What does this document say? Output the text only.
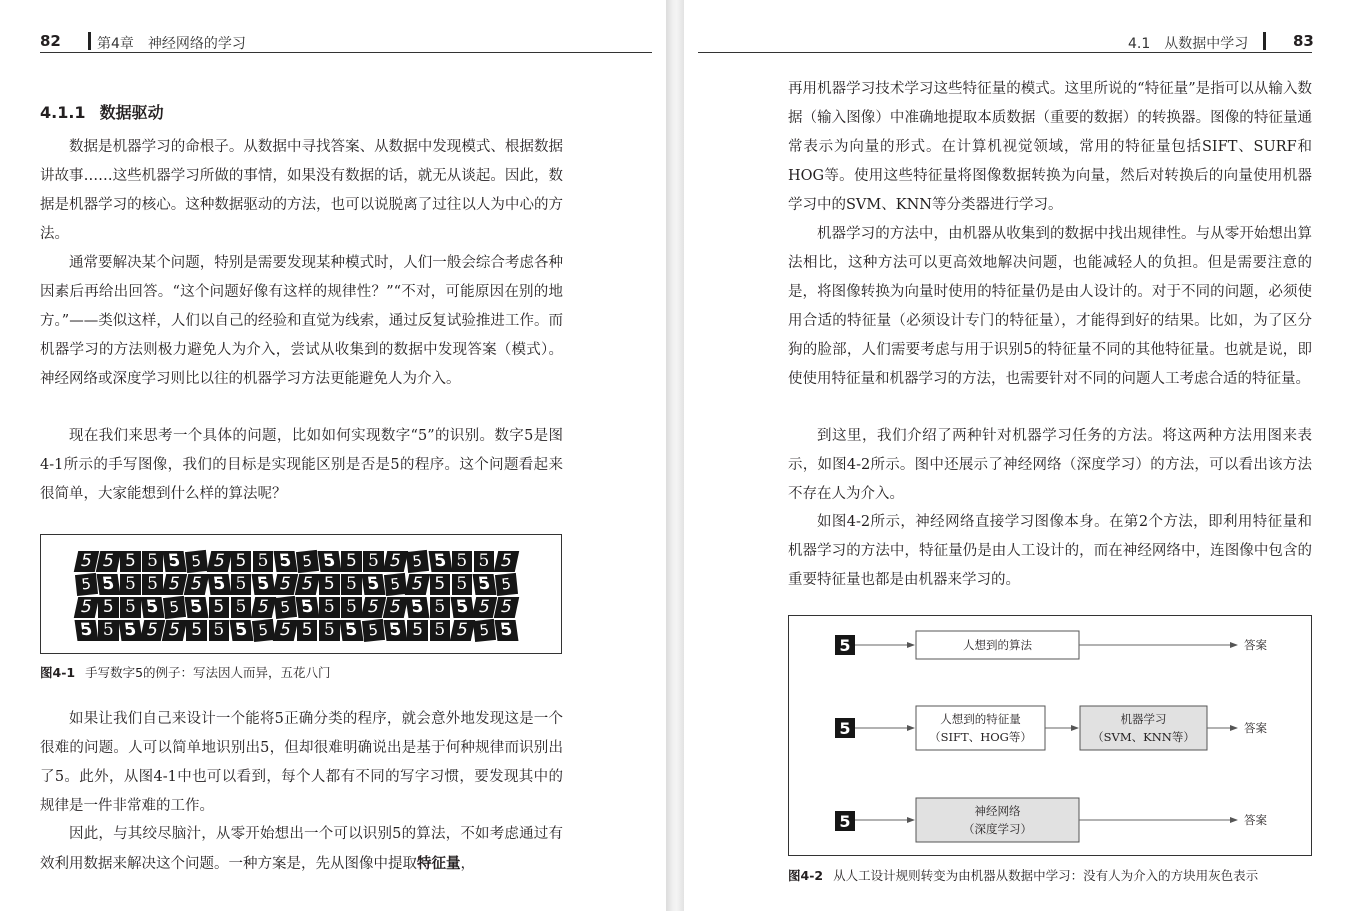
82	第4章　神经网络的学习
4.1.1 数据驱动

数据是机器学习的命根子。从数据中寻找答案、从数据中发现模式、根据数据讲故事……这些机器学习所做的事情，如果没有数据的话，就无从谈起。因此，数据是机器学习的核心。这种数据驱动的方法，也可以说脱离了过往以人为中心的方法。

通常要解决某个问题，特别是需要发现某种模式时，人们一般会综合考虑各种因素后再给出回答。“这个问题好像有这样的规律性？”“不对，可能原因在别的地方。”——类似这样，人们以自己的经验和直觉为线索，通过反复试验推进工作。而机器学习的方法则极力避免人为介入，尝试从收集到的数据中发现答案（模式）。神经网络或深度学习则比以往的机器学习方法更能避免人为介入。

现在我们来思考一个具体的问题，比如如何实现数字“5”的识别。数字5是图4-1所示的手写图像，我们的目标是实现能区别是否是5的程序。这个问题看起来很简单，大家能想到什么样的算法呢？

5 5 5 5 5 5 5 5 5 5 5 5 5 5 5 5 5 5 5 5
5 5 5 5 5 5 5 5 5 5 5 5 5 5 5 5 5 5 5 5
5 5 5 5 5 5 5 5 5 5 5 5 5 5 5 5 5 5 5 5
5 5 5 5 5 5 5 5 5 5 5 5 5 5 5 5 5 5 5 5
图4-1 手写数字5的例子：写法因人而异，五花八门

如果让我们自己来设计一个能将5正确分类的程序，就会意外地发现这是一个很难的问题。人可以简单地识别出5，但却很难明确说出是基于何种规律而识别出了5。此外，从图4-1中也可以看到，每个人都有不同的写字习惯，要发现其中的规律是一件非常难的工作。

因此，与其绞尽脑汁，从零开始想出一个可以识别5的算法，不如考虑通过有效利用数据来解决这个问题。一种方案是，先从图像中提取特征量，

4.1　从数据中学习	83

再用机器学习技术学习这些特征量的模式。这里所说的“特征量”是指可以从输入数据（输入图像）中准确地提取本质数据（重要的数据）的转换器。图像的特征量通常表示为向量的形式。在计算机视觉领域，常用的特征量包括SIFT、SURF和HOG等。使用这些特征量将图像数据转换为向量，然后对转换后的向量使用机器学习中的SVM、KNN等分类器进行学习。

机器学习的方法中，由机器从收集到的数据中找出规律性。与从零开始想出算法相比，这种方法可以更高效地解决问题，也能减轻人的负担。但是需要注意的是，将图像转换为向量时使用的特征量仍是由人设计的。对于不同的问题，必须使用合适的特征量（必须设计专门的特征量），才能得到好的结果。比如，为了区分狗的脸部，人们需要考虑与用于识别5的特征量不同的其他特征量。也就是说，即使使用特征量和机器学习的方法，也需要针对不同的问题人工考虑合适的特征量。

到这里，我们介绍了两种针对机器学习任务的方法。将这两种方法用图来表示，如图4-2所示。图中还展示了神经网络（深度学习）的方法，可以看出该方法不存在人为介入。

如图4-2所示，神经网络直接学习图像本身。在第2个方法，即利用特征量和机器学习的方法中，特征量仍是由人工设计的，而在神经网络中，连图像中包含的重要特征量也都是由机器来学习的。

5
5
5
人想到的算法
人想到的特征量
（SIFT、HOG等）
机器学习
（SVM、KNN等）
神经网络
（深度学习）
答案
答案
答案
图4-2 从人工设计规则转变为由机器从数据中学习：没有人为介入的方块用灰色表示
